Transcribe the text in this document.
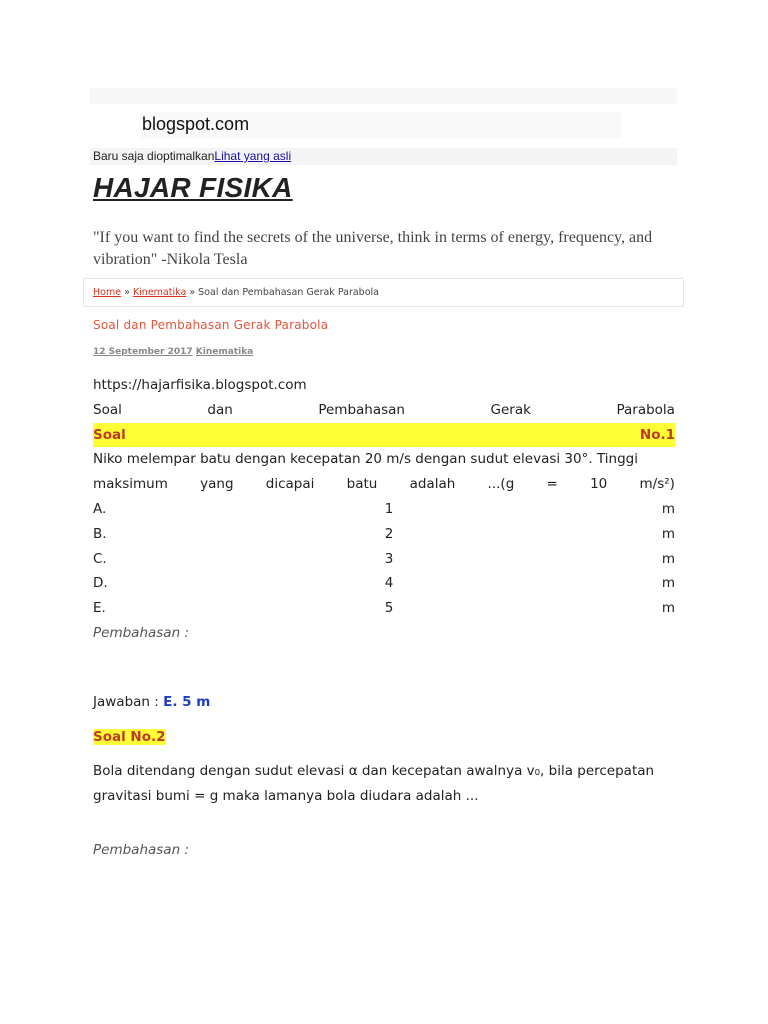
blogspot.com
Baru saja dioptimalkanLihat yang asli
HAJAR FISIKA
"If you want to find the secrets of the universe, think in terms of energy, frequency, and vibration" -Nikola Tesla
Home » Kinematika » Soal dan Pembahasan Gerak Parabola
Soal dan Pembahasan Gerak Parabola
12 September 2017 Kinematika
https://hajarfisika.blogspot.com
Soal	dan	Pembahasan	Gerak	Parabola
Soal	No.1
Niko melempar batu dengan kecepatan 20 m/s dengan sudut elevasi 30°. Tinggi
maksimum yang dicapai batu adalah ...(g = 10 m/s²)
A.	1	m
B.	2	m
C.	3	m
D.	4	m
E.	5	m
Pembahasan :
Jawaban : E. 5 m
Soal No.2
Bola ditendang dengan sudut elevasi α dan kecepatan awalnya v₀, bila percepatan
gravitasi bumi = g maka lamanya bola diudara adalah ...
Pembahasan :
